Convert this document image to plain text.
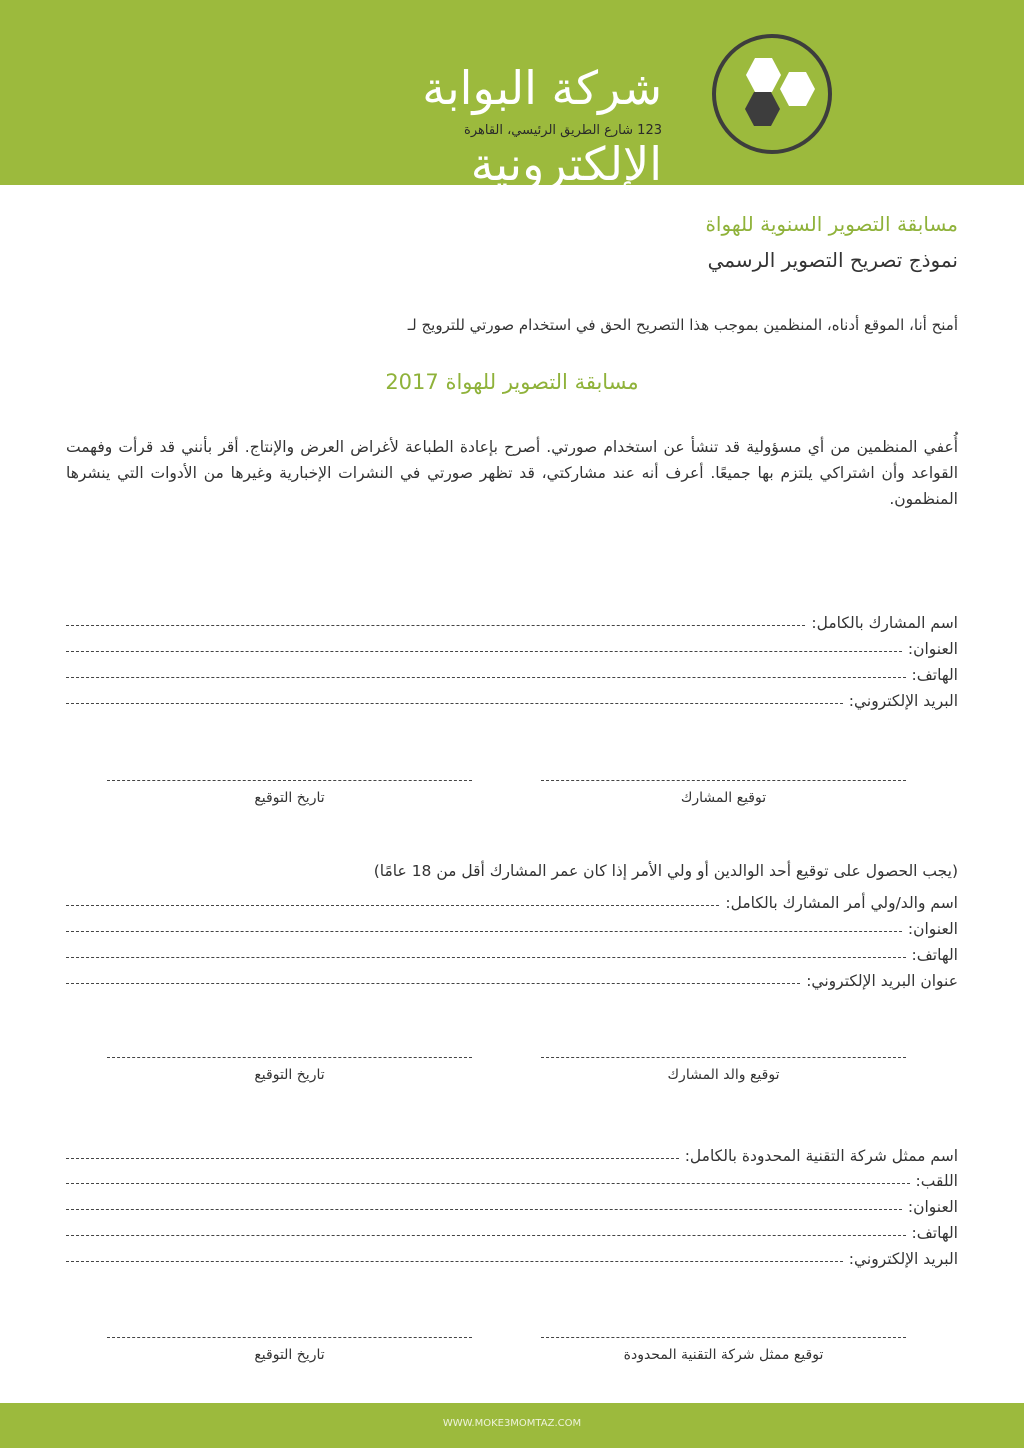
شركة البوابة الإلكترونية
123 شارع الطريق الرئيسي، القاهرة
مسابقة التصوير السنوية للهواة
نموذج تصريح التصوير الرسمي
أمنح أنا، الموقع أدناه، المنظمين بموجب هذا التصريح الحق في استخدام صورتي للترويج لـ
مسابقة التصوير للهواة 2017
أُعفي المنظمين من أي مسؤولية قد تنشأ عن استخدام صورتي. أصرح بإعادة الطباعة لأغراض العرض والإنتاج. أقر بأنني قد قرأت وفهمت القواعد وأن اشتراكي يلتزم بها جميعًا. أعرف أنه عند مشاركتي، قد تظهر صورتي في النشرات الإخبارية وغيرها من الأدوات التي ينشرها المنظمون.
اسم المشارك بالكامل:
العنوان:
الهاتف:
البريد الإلكتروني:
توقيع المشارك
تاريخ التوقيع
(يجب الحصول على توقيع أحد الوالدين أو ولي الأمر إذا كان عمر المشارك أقل من 18 عامًا)
اسم والد/ولي أمر المشارك بالكامل:
العنوان:
الهاتف:
عنوان البريد الإلكتروني:
توقيع والد المشارك
تاريخ التوقيع
اسم ممثل شركة التقنية المحدودة بالكامل:
اللقب:
العنوان:
الهاتف:
البريد الإلكتروني:
توقيع ممثل شركة التقنية المحدودة
تاريخ التوقيع
WWW.MOKE3MOMTAZ.COM
